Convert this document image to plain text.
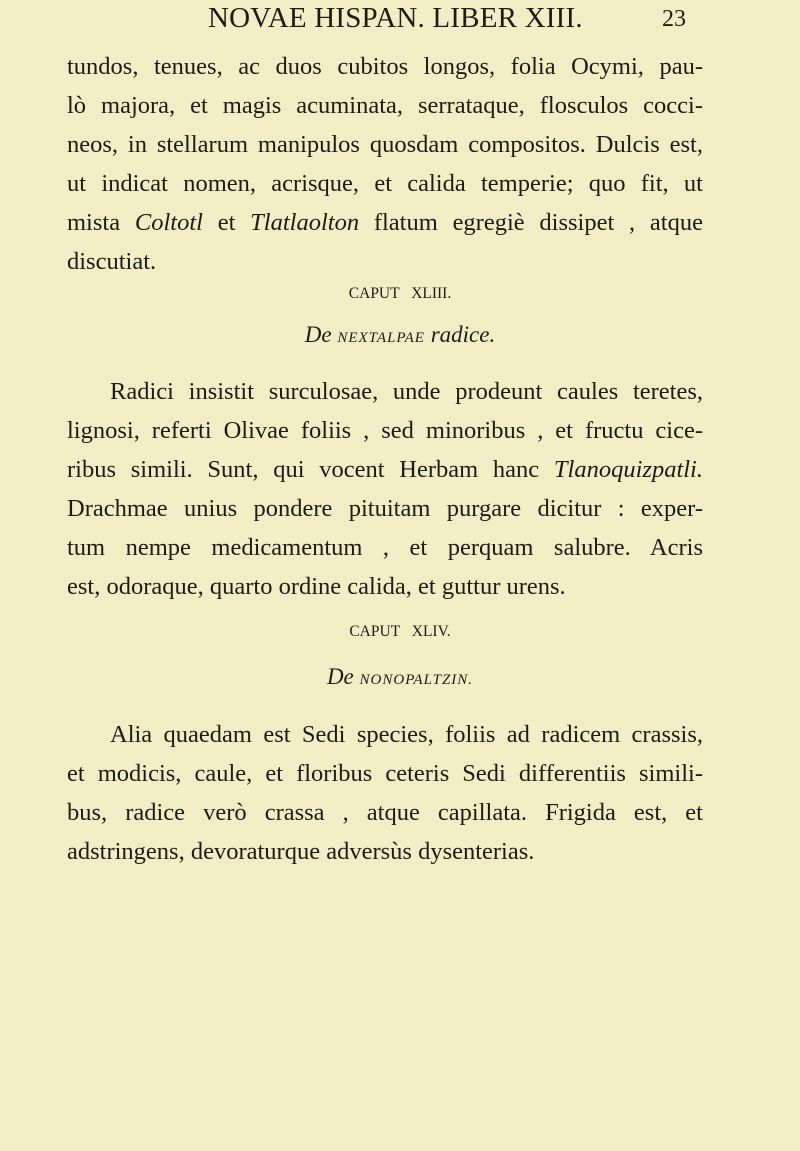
NOVAE HISPAN. LIBER XIII.	23
tundos, tenues, ac duos cubitos longos, folia Ocymi, pau-
lò majora, et magis acuminata, serrataque, flosculos cocci-
neos, in stellarum manipulos quosdam compositos. Dulcis est,
ut indicat nomen, acrisque, et calida temperie; quo fit, ut
mista Coltotl et Tlatlaolton flatum egregiè dissipet , atque
discutiat.
CAPUT XLIII.
De NEXTALPAE radice.
Radici insistit surculosae, unde prodeunt caules teretes,
lignosi, referti Olivae foliis , sed minoribus , et fructu cice-
ribus simili. Sunt, qui vocent Herbam hanc Tlanoquizpatli.
Drachmae unius pondere pituitam purgare dicitur : exper-
tum nempe medicamentum , et perquam salubre. Acris
est, odoraque, quarto ordine calida, et guttur urens.
CAPUT XLIV.
De NONOPALTZIN.
Alia quaedam est Sedi species, foliis ad radicem crassis,
et modicis, caule, et floribus ceteris Sedi differentiis simili-
bus, radice verò crassa , atque capillata. Frigida est, et
adstringens, devoraturque adversùs dysenterias.
